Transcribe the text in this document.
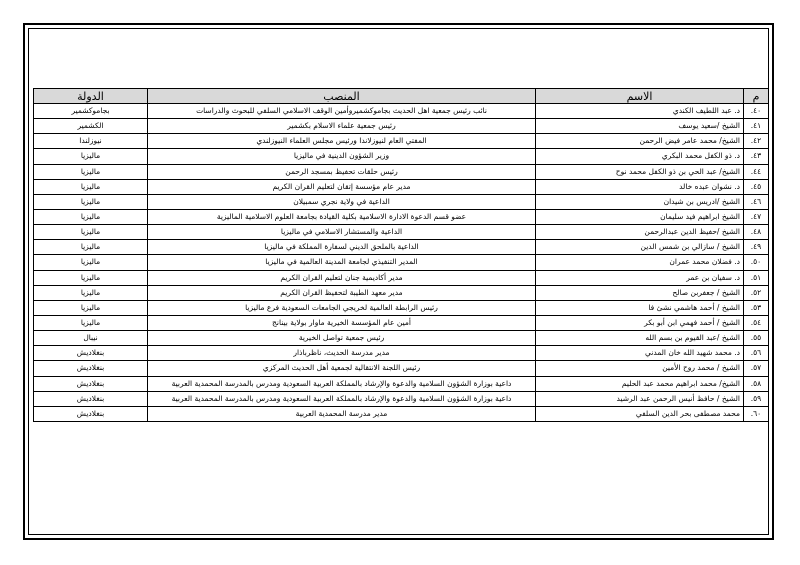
م	الاسم	المنصب	الدولة
٤٠.	د. عبد اللطيف الكندي	نائب رئيس جمعية اهل الحديث بجاموكشميروأمين الوقف الاسلامي السلفي للبحوث والدراسات	بجاموكشمير
٤١.	الشيخ /سعيد يوسف	رئيس جمعية علماء الاسلام بكشمير	الكشمير
٤٢.	الشيخ/ محمد عامر فيض الرحمن	المفتي العام لنيوزلاندا ورئيس مجلس العلماء النيوزلندي	نيوزلندا
٤٣.	د. ذو الكفل محمد البكري	وزير الشؤون الدينية في ماليزيا	ماليزيا
٤٤.	الشيخ/ عبد الحي بن ذو الكفل محمد نوح	رئيس حلقات تحفيظ بمسجد الرحمن	ماليزيا
٤٥.	د. نشوان عبده خالد	مدير عام مؤسسة إتقان لتعليم القران الكريم	ماليزيا
٤٦.	الشيخ /ادريس بن شيدان	الداعية في ولاية نجري سمبيلان	ماليزيا
٤٧.	الشيخ ابراهيم فيد سليمان	عضو قسم الدعوة الادارة الاسلامية بكلية القيادة بجامعة العلوم الاسلامية الماليزية	ماليزيا
٤٨.	الشيخ /حفيظ الدين عبدالرحمن	الداعية والمستشار الاسلامي في ماليزيا	ماليزيا
٤٩.	الشيخ / سازالي بن شمس الدين	الداعية بالملحق الديني لسفارة المملكة في ماليزيا	ماليزيا
٥٠.	د. فضلان محمد عمران	المدير التنفيذي لجامعة المدينة العالمية في ماليزيا	ماليزيا
٥١.	د. سفيان بن عمر	مدير أكاديمية جنان لتعليم القران الكريم	ماليزيا
٥٢.	الشيخ / جعفربن صالح	مدير معهد الطيبة لتحفيظ القران الكريم	ماليزيا
٥٣.	الشيخ / أحمد هاشمي نشئ فا	رئيس الرابطة العالمية لخريجي الجامعات السعودية فرع ماليزيا	ماليزيا
٥٤.	الشيخ / أحمد فهمي ابن أبو بكر	أمين عام المؤسسة الخيرية ماوار بولاية بينانج	ماليزيا
٥٥.	الشيخ /عبد القيوم بن بسم الله	رئيس جمعية تواصل الخيرية	نيبال
٥٦.	د. محمد شهيد الله خان المدني	مدير مدرسة الحديث، ناظرباذار	بنغلاديش
٥٧.	الشيخ / محمد روح الأمين	رئيس اللجنة الانتقالية لجمعية أهل الحديث المركزي	بنغلاديش
٥٨.	الشيخ/ محمد ابراهيم محمد عبد الحليم	داعية بوزارة الشؤون السلامية والدعوة والإرشاد بالمملكة العربية السعودية ومدرس بالمدرسة المحمدية العربية	بنغلاديش
٥٩.	الشيخ / حافظ أنيس الرحمن عبد الرشيد	داعية بوزارة الشؤون السلامية والدعوة والإرشاد بالمملكة العربية السعودية ومدرس بالمدرسة المحمدية العربية	بنغلاديش
٦٠.	محمد مصطفى بحر الدين السلفي	مدير مدرسة المحمدية العربية	بنغلاديش
